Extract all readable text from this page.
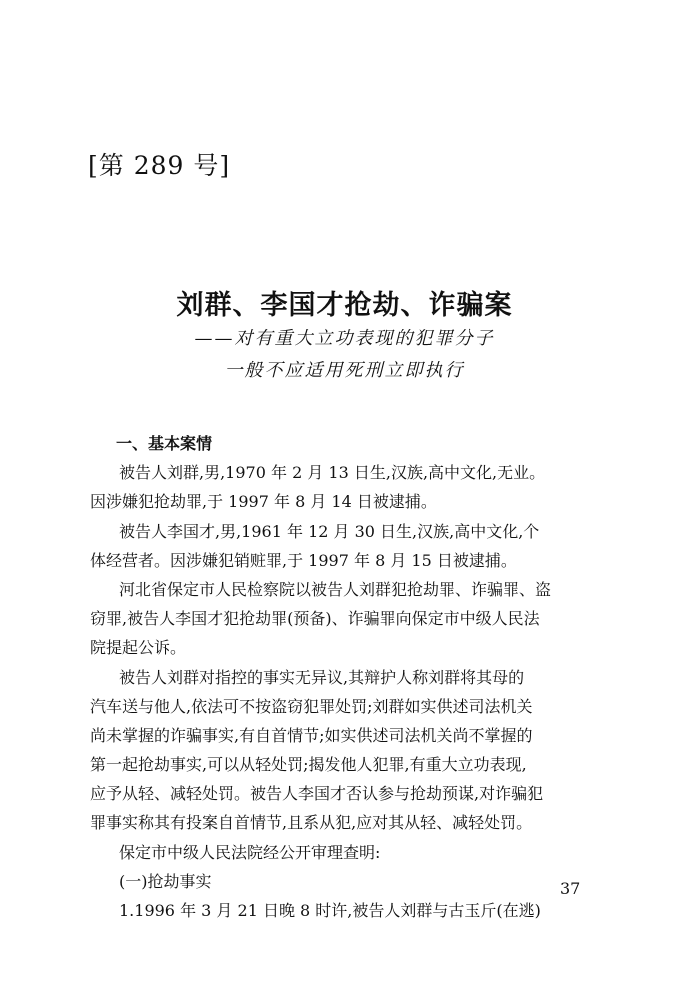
[第 289 号]
刘群、李国才抢劫、诈骗案
——对有重大立功表现的犯罪分子
一般不应适用死刑立即执行
一、基本案情
被告人刘群,男,1970 年 2 月 13 日生,汉族,高中文化,无业。
因涉嫌犯抢劫罪,于 1997 年 8 月 14 日被逮捕。
被告人李国才,男,1961 年 12 月 30 日生,汉族,高中文化,个
体经营者。因涉嫌犯销赃罪,于 1997 年 8 月 15 日被逮捕。
河北省保定市人民检察院以被告人刘群犯抢劫罪、诈骗罪、盗
窃罪,被告人李国才犯抢劫罪(预备)、诈骗罪向保定市中级人民法
院提起公诉。
被告人刘群对指控的事实无异议,其辩护人称刘群将其母的
汽车送与他人,依法可不按盗窃犯罪处罚;刘群如实供述司法机关
尚未掌握的诈骗事实,有自首情节;如实供述司法机关尚不掌握的
第一起抢劫事实,可以从轻处罚;揭发他人犯罪,有重大立功表现,
应予从轻、减轻处罚。被告人李国才否认参与抢劫预谋,对诈骗犯
罪事实称其有投案自首情节,且系从犯,应对其从轻、减轻处罚。
保定市中级人民法院经公开审理查明:
(一)抢劫事实
1.1996 年 3 月 21 日晚 8 时许,被告人刘群与古玉斤(在逃)
37
